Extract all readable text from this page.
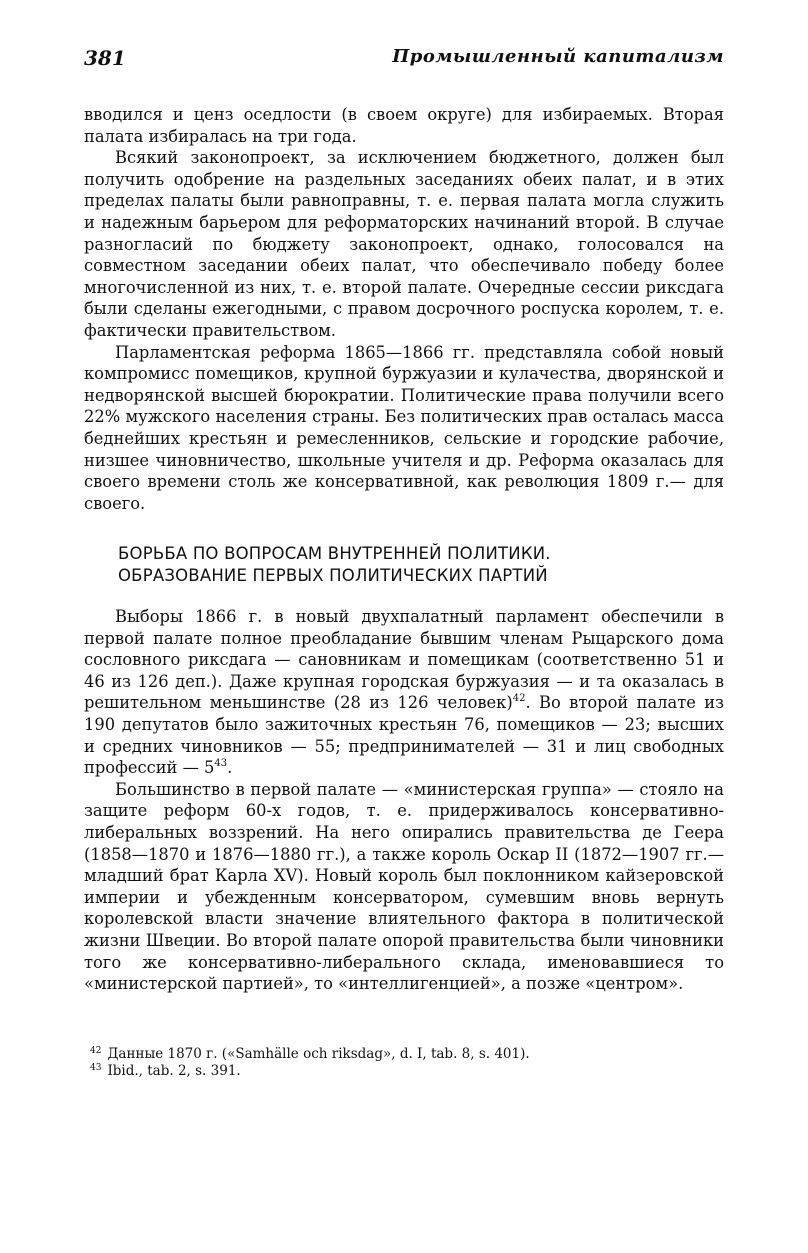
381	Промышленный капитализм

вводился и ценз оседлости (в своем округе) для избираемых. Вторая палата избиралась на три года.

Всякий законопроект, за исключением бюджетного, должен был получить одобрение на раздельных заседаниях обеих палат, и в этих пределах палаты были равноправны, т. е. первая палата могла служить и надежным барьером для реформаторских начинаний второй. В случае разногласий по бюджету законопроект, однако, голосовался на совместном заседании обеих палат, что обеспечивало победу более многочисленной из них, т. е. второй палате. Очередные сессии риксдага были сделаны ежегодными, с правом досрочного роспуска королем, т. е. фактически правительством.

Парламентская реформа 1865—1866 гг. представляла собой новый компромисс помещиков, крупной буржуазии и кулачества, дворянской и недворянской высшей бюрократии. Политические права получили всего 22% мужского населения страны. Без политических прав осталась масса беднейших крестьян и ремесленников, сельские и городские рабочие, низшее чиновничество, школьные учителя и др. Реформа оказалась для своего времени столь же консервативной, как революция 1809 г.— для своего.

БОРЬБА ПО ВОПРОСАМ ВНУТРЕННЕЙ ПОЛИТИКИ.
ОБРАЗОВАНИЕ ПЕРВЫХ ПОЛИТИЧЕСКИХ ПАРТИЙ

Выборы 1866 г. в новый двухпалатный парламент обеспечили в первой палате полное преобладание бывшим членам Рыцарского дома сословного риксдага — сановникам и помещикам (соответственно 51 и 46 из 126 деп.). Даже крупная городская буржуазия — и та оказалась в решительном меньшинстве (28 из 126 человек)$^{42}$. Во второй палате из 190 депутатов было зажиточных крестьян 76, помещиков — 23; высших и средних чиновников — 55; предпринимателей — 31 и лиц свободных профессий — $5^{43}$.

Большинство в первой палате — «министерская группа» — стояло на защите реформ 60-х годов, т. е. придерживалось консервативно-либеральных воззрений. На него опирались правительства де Геера (1858—1870 и 1876—1880 гг.), а также король Оскар II (1872—1907 гг.— младший брат Карла XV). Новый король был поклонником кайзеровской империи и убежденным консерватором, сумевшим вновь вернуть королевской власти значение влиятельного фактора в политической жизни Швеции. Во второй палате опорой правительства были чиновники того же консервативно-либерального склада, именовавшиеся то «министерской партией», то «интеллигенцией», а позже «центром».

$^{42}$ Данные 1870 г. («Samhälle och riksdag», d. I, tab. 8, s. 401).
$^{43}$ Ibid., tab. 2, s. 391.
